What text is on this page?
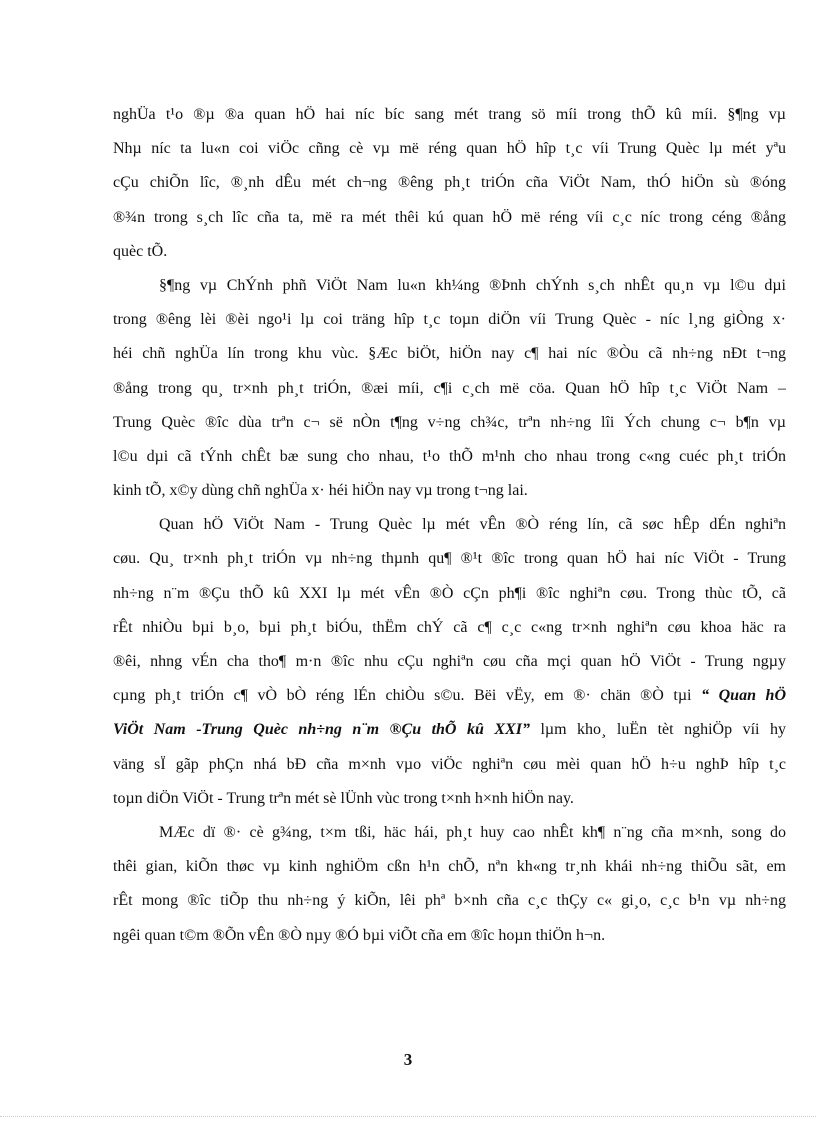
nghÜa t¹o ®µ ®a quan hÖ hai níc bíc sang mét trang sö míi trong thÕ kû míi. §¶ng vµ
Nhµ níc ta lu«n coi viÖc cñng cè vµ më réng quan hÖ hîp t¸c víi Trung Quèc lµ mét yªu
cÇu chiÕn lîc, ®¸nh dÊu mét ch¬ng ®êng ph¸t triÓn cña ViÖt Nam, thÓ hiÖn sù ®óng
®¾n trong s¸ch lîc cña ta, më ra mét thêi kú quan hÖ më réng víi c¸c níc trong céng ®ång
quèc tÕ.
§¶ng vµ ChÝnh phñ ViÖt Nam lu«n kh¼ng ®Þnh chÝnh s¸ch nhÊt qu¸n vµ l©u dµi
trong ®êng lèi ®èi ngo¹i lµ coi träng hîp t¸c toµn diÖn víi Trung Quèc - níc l¸ng giÒng x·
héi chñ nghÜa lín trong khu vùc. §Æc biÖt, hiÖn nay c¶ hai níc ®Òu cã nh÷ng nÐt t¬ng
®ång trong qu¸ tr×nh ph¸t triÓn, ®æi míi, c¶i c¸ch më cöa. Quan hÖ hîp t¸c ViÖt Nam –
Trung Quèc ®îc dùa trªn c¬ së nÒn t¶ng v÷ng ch¾c, trªn nh÷ng lîi Ých chung c¬ b¶n vµ
l©u dµi cã tÝnh chÊt bæ sung cho nhau, t¹o thÕ m¹nh cho nhau trong c«ng cuéc ph¸t triÓn
kinh tÕ, x©y dùng chñ nghÜa x· héi hiÖn nay vµ trong t¬ng lai.
Quan hÖ ViÖt Nam - Trung Quèc lµ mét vÊn ®Ò réng lín, cã søc hÊp dÉn nghiªn
cøu. Qu¸ tr×nh ph¸t triÓn vµ nh÷ng thµnh qu¶ ®¹t ®îc trong quan hÖ hai níc ViÖt - Trung
nh÷ng n¨m ®Çu thÕ kû XXI lµ mét vÊn ®Ò cÇn ph¶i ®îc nghiªn cøu. Trong thùc tÕ, cã
rÊt nhiÒu bµi b¸o, bµi ph¸t biÓu, thËm chÝ cã c¶ c¸c c«ng tr×nh nghiªn cøu khoa häc ra
®êi, nhng vÉn cha tho¶ m·n ®îc nhu cÇu nghiªn cøu cña mçi quan hÖ ViÖt - Trung ngµy
cµng ph¸t triÓn c¶ vÒ bÒ réng lÉn chiÒu s©u. Bëi vËy, em ®· chän ®Ò tµi “ Quan hÖ
ViÖt Nam -Trung Quèc nh÷ng n¨m ®Çu thÕ kû XXI” lµm kho¸ luËn tèt nghiÖp víi hy
väng sÏ gãp phÇn nhá bÐ cña m×nh vµo viÖc nghiªn cøu mèi quan hÖ h÷u nghÞ hîp t¸c
toµn diÖn ViÖt - Trung trªn mét sè lÜnh vùc trong t×nh h×nh hiÖn nay.
MÆc dï ®· cè g¾ng, t×m tßi, häc hái, ph¸t huy cao nhÊt kh¶ n¨ng cña m×nh, song do
thêi gian, kiÕn thøc vµ kinh nghiÖm cßn h¹n chÕ, nªn kh«ng tr¸nh khái nh÷ng thiÕu sãt, em
rÊt mong ®îc tiÕp thu nh÷ng ý kiÕn, lêi phª b×nh cña c¸c thÇy c« gi¸o, c¸c b¹n vµ nh÷ng
ngêi quan t©m ®Õn vÊn ®Ò nµy ®Ó bµi viÕt cña em ®îc hoµn thiÖn h¬n.
3
